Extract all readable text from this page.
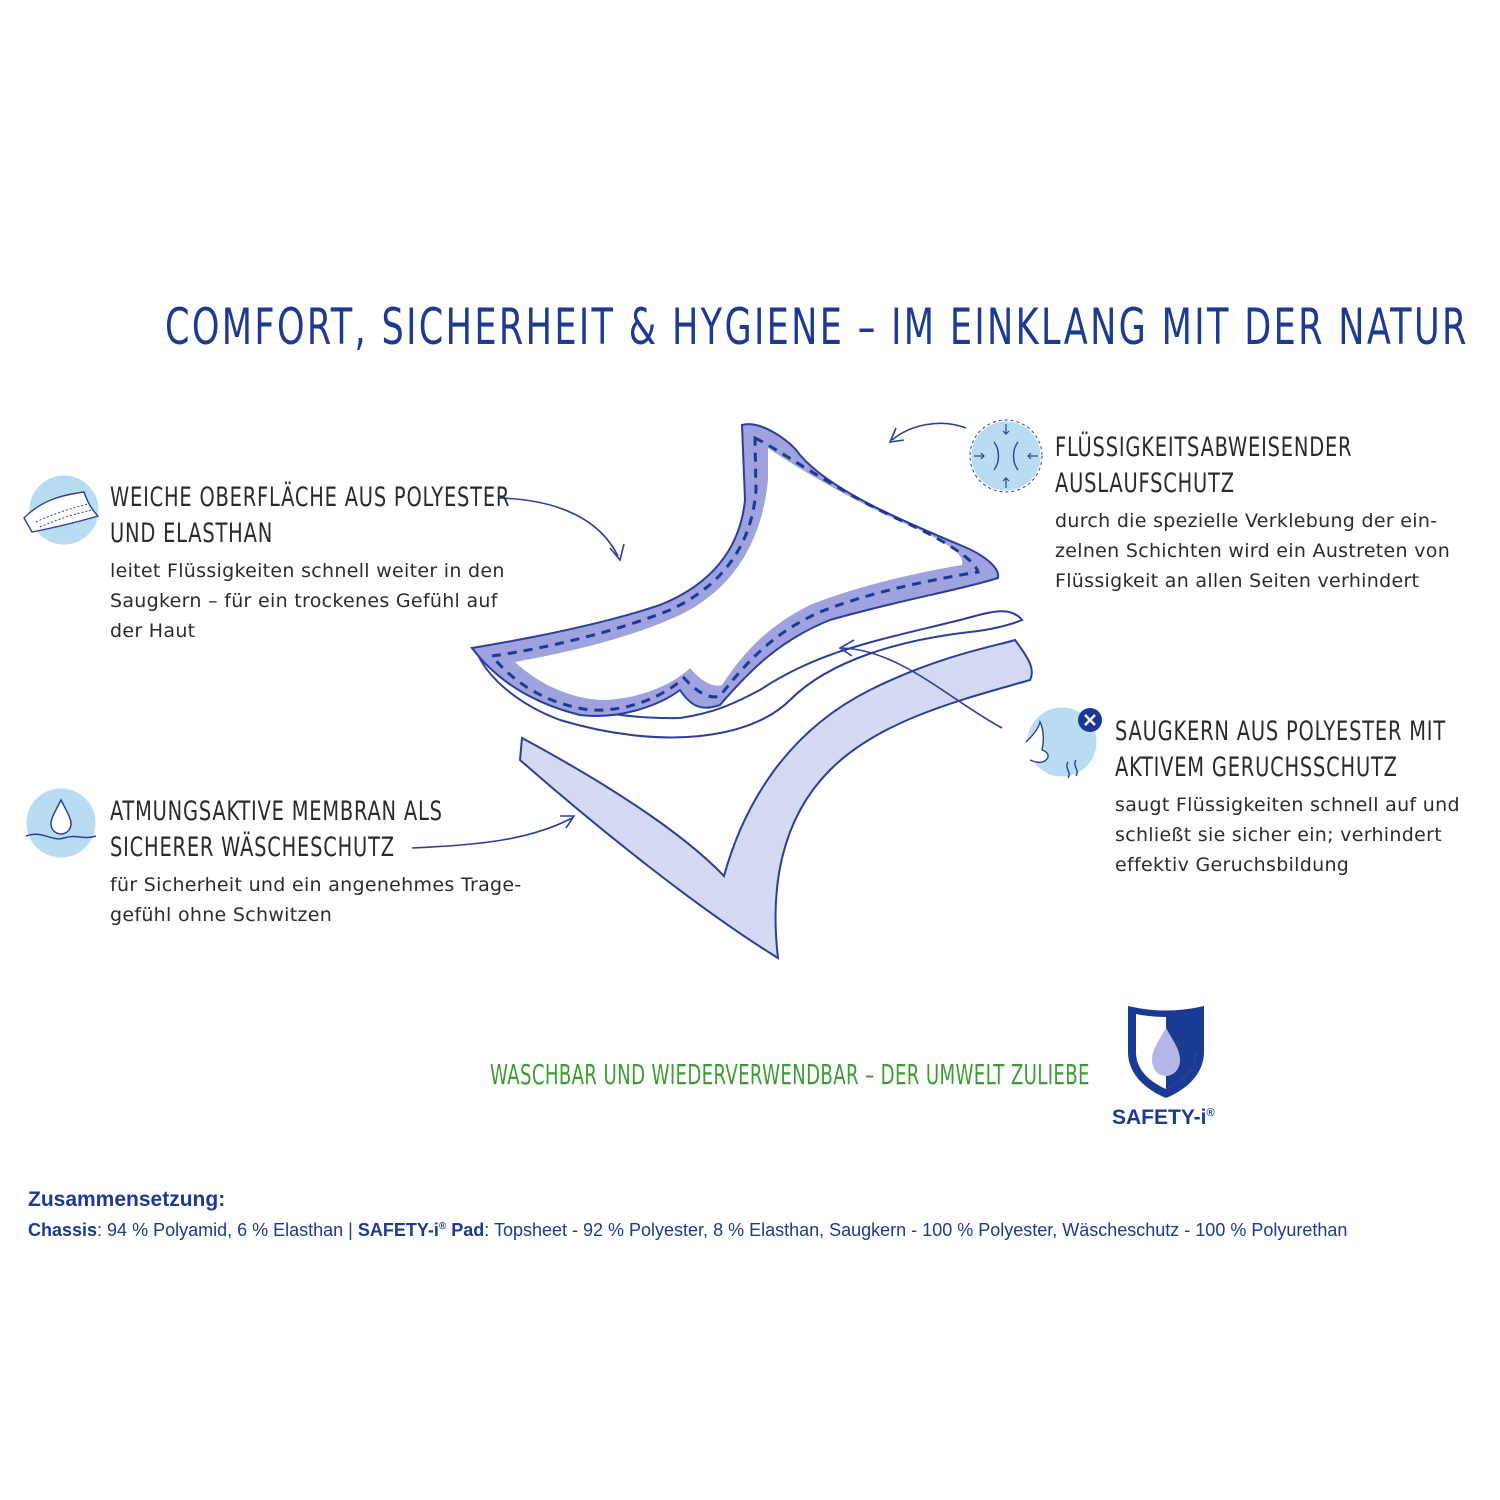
COMFORT, SICHERHEIT & HYGIENE – IM EINKLANG MIT DER NATUR
WEICHE OBERFLÄCHE AUS POLYESTER
UND ELASTHAN
leitet Flüssigkeiten schnell weiter in den
Saugkern – für ein trockenes Gefühl auf
der Haut
ATMUNGSAKTIVE MEMBRAN ALS
SICHERER WÄSCHESCHUTZ
für Sicherheit und ein angenehmes Trage-
gefühl ohne Schwitzen
FLÜSSIGKEITSABWEISENDER
AUSLAUFSCHUTZ
durch die spezielle Verklebung der ein-
zelnen Schichten wird ein Austreten von
Flüssigkeit an allen Seiten verhindert
SAUGKERN AUS POLYESTER MIT
AKTIVEM GERUCHSSCHUTZ
saugt Flüssigkeiten schnell auf und
schließt sie sicher ein; verhindert
effektiv Geruchsbildung
WASCHBAR UND WIEDERVERWENDBAR – DER UMWELT ZULIEBE
SAFETY-i®
Zusammensetzung:
Chassis: 94 % Polyamid, 6 % Elasthan | SAFETY-i® Pad: Topsheet - 92 % Polyester, 8 % Elasthan, Saugkern - 100 % Polyester, Wäscheschutz - 100 % Polyurethan
